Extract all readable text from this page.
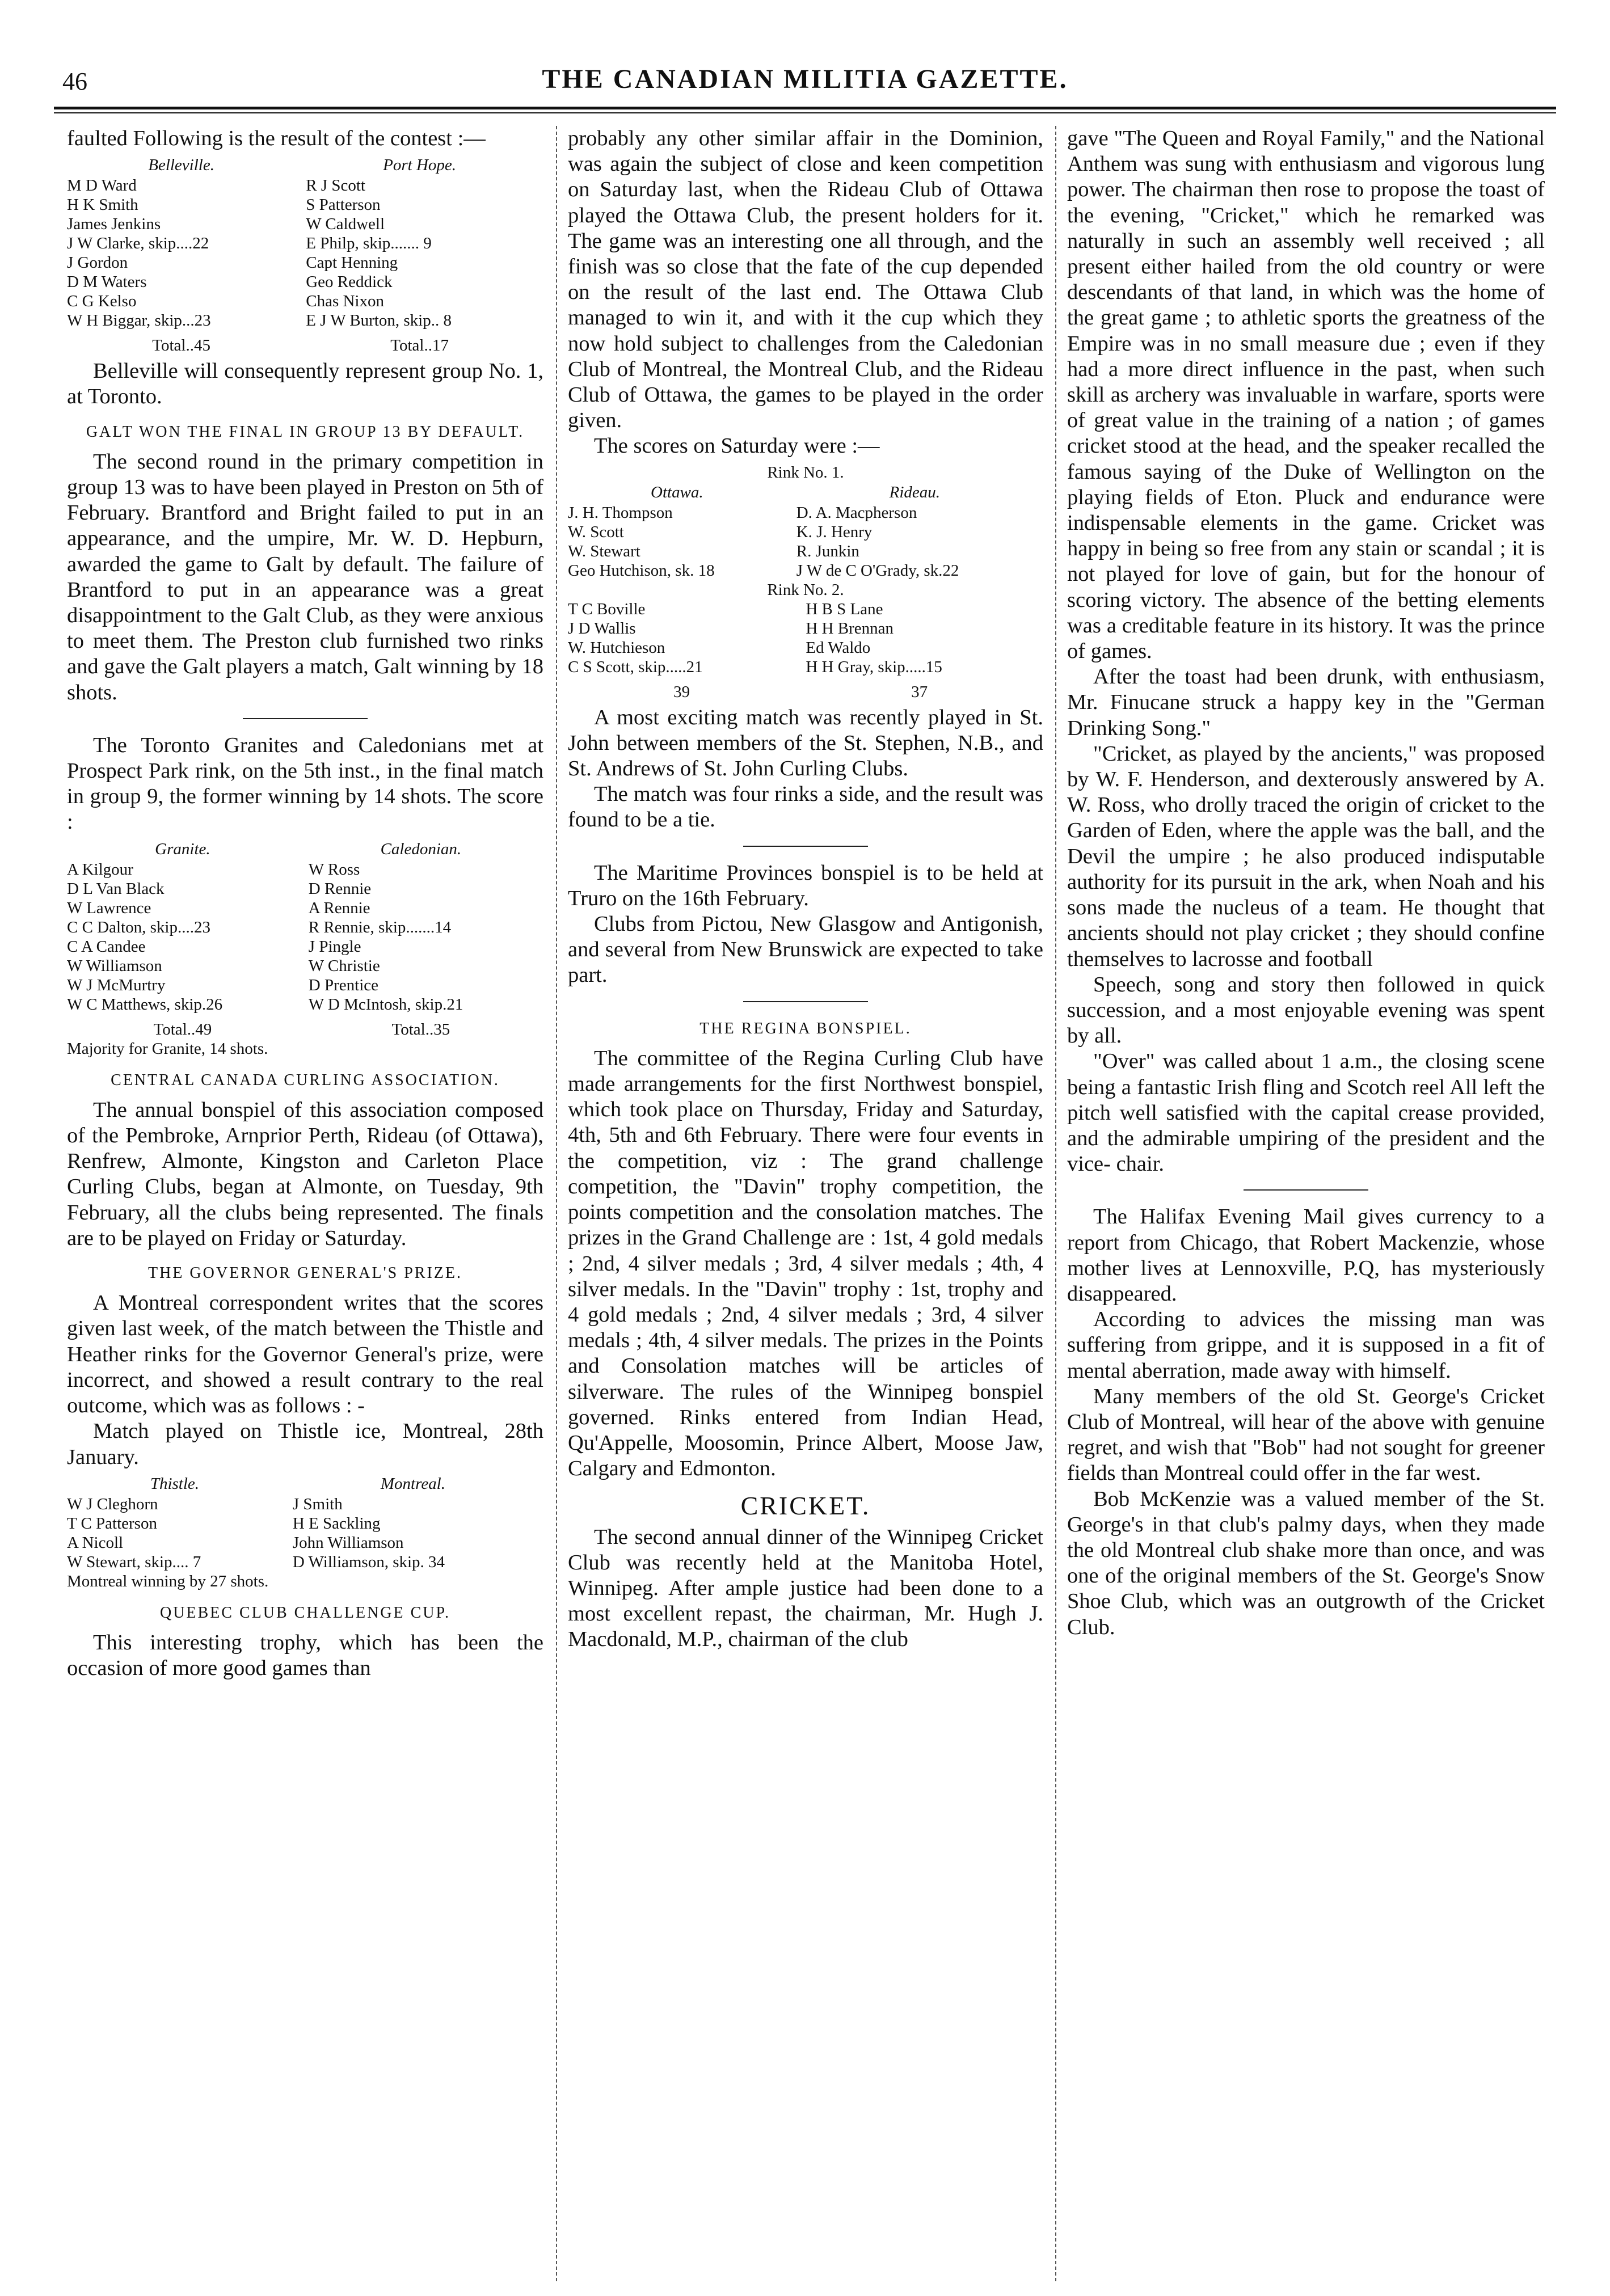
46	THE CANADIAN MILITIA GAZETTE.

faulted Following is the result of the contest :—

Belleville.	Port Hope.
M D Ward	R J Scott
H K Smith	S Patterson
James Jenkins	W Caldwell
J W Clarke, skip....22	E Philp, skip....... 9
J Gordon	Capt Henning
D M Waters	Geo Reddick
C G Kelso	Chas Nixon
W H Biggar, skip...23	E J W Burton, skip.. 8
Total..45	Total..17

Belleville will consequently represent group No. 1, at Toronto.

GALT WON THE FINAL IN GROUP 13 BY DEFAULT.

The second round in the primary competition in group 13 was to have been played in Preston on 5th of February. Brantford and Bright failed to put in an appearance, and the umpire, Mr. W. D. Hepburn, awarded the game to Galt by default. The failure of Brantford to put in an appearance was a great disappointment to the Galt Club, as they were anxious to meet them. The Preston club furnished two rinks and gave the Galt players a match, Galt winning by 18 shots.

The Toronto Granites and Caledonians met at Prospect Park rink, on the 5th inst., in the final match in group 9, the former winning by 14 shots. The score :

Granite.	Caledonian.
A Kilgour	W Ross
D L Van Black	D Rennie
W Lawrence	A Rennie
C C Dalton, skip....23	R Rennie, skip.......14
C A Candee	J Pingle
W Williamson	W Christie
W J McMurtry	D Prentice
W C Matthews, skip.26	W D McIntosh, skip.21
Total..49	Total..35
Majority for Granite, 14 shots.
CENTRAL CANADA CURLING ASSOCIATION.

The annual bonspiel of this association composed of the Pembroke, Arnprior Perth, Rideau (of Ottawa), Renfrew, Almonte, Kingston and Carleton Place Curling Clubs, began at Almonte, on Tuesday, 9th February, all the clubs being represented. The finals are to be played on Friday or Saturday.

THE GOVERNOR GENERAL'S PRIZE.

A Montreal correspondent writes that the scores given last week, of the match between the Thistle and Heather rinks for the Governor General's prize, were incorrect, and showed a result contrary to the real outcome, which was as follows : -

Match played on Thistle ice, Montreal, 28th January.

Thistle.	Montreal.
W J Cleghorn	J Smith
T C Patterson	H E Sackling
A Nicoll	John Williamson
W Stewart, skip.... 7	D Williamson, skip. 34
Montreal winning by 27 shots.
QUEBEC CLUB CHALLENGE CUP.

This interesting trophy, which has been the occasion of more good games than

probably any other similar affair in the Dominion, was again the subject of close and keen competition on Saturday last, when the Rideau Club of Ottawa played the Ottawa Club, the present holders for it. The game was an interesting one all through, and the finish was so close that the fate of the cup depended on the result of the last end. The Ottawa Club managed to win it, and with it the cup which they now hold subject to challenges from the Caledonian Club of Montreal, the Montreal Club, and the Rideau Club of Ottawa, the games to be played in the order given.

The scores on Saturday were :—

Rink No. 1.
Ottawa.	Rideau.
J. H. Thompson	D. A. Macpherson
W. Scott	K. J. Henry
W. Stewart	R. Junkin
Geo Hutchison, sk. 18	J W de C O'Grady, sk.22
Rink No. 2.
T C Boville	H B S Lane
J D Wallis	H H Brennan
W. Hutchieson	Ed Waldo
C S Scott, skip.....21	H H Gray, skip.....15
39	37

A most exciting match was recently played in St. John between members of the St. Stephen, N.B., and St. Andrews of St. John Curling Clubs.

The match was four rinks a side, and the result was found to be a tie.

The Maritime Provinces bonspiel is to be held at Truro on the 16th February.

Clubs from Pictou, New Glasgow and Antigonish, and several from New Brunswick are expected to take part.

THE REGINA BONSPIEL.

The committee of the Regina Curling Club have made arrangements for the first Northwest bonspiel, which took place on Thursday, Friday and Saturday, 4th, 5th and 6th February. There were four events in the competition, viz : The grand challenge competition, the "Davin" trophy competition, the points competition and the consolation matches. The prizes in the Grand Challenge are : 1st, 4 gold medals ; 2nd, 4 silver medals ; 3rd, 4 silver medals ; 4th, 4 silver medals. In the "Davin" trophy : 1st, trophy and 4 gold medals ; 2nd, 4 silver medals ; 3rd, 4 silver medals ; 4th, 4 silver medals. The prizes in the Points and Consolation matches will be articles of silverware. The rules of the Winnipeg bonspiel governed. Rinks entered from Indian Head, Qu'Appelle, Moosomin, Prince Albert, Moose Jaw, Calgary and Edmonton.

CRICKET.

The second annual dinner of the Winnipeg Cricket Club was recently held at the Manitoba Hotel, Winnipeg. After ample justice had been done to a most excellent repast, the chairman, Mr. Hugh J. Macdonald, M.P., chairman of the club

gave "The Queen and Royal Family," and the National Anthem was sung with enthusiasm and vigorous lung power. The chairman then rose to propose the toast of the evening, "Cricket," which he remarked was naturally in such an assembly well received ; all present either hailed from the old country or were descendants of that land, in which was the home of the great game ; to athletic sports the greatness of the Empire was in no small measure due ; even if they had a more direct influence in the past, when such skill as archery was invaluable in warfare, sports were of great value in the training of a nation ; of games cricket stood at the head, and the speaker recalled the famous saying of the Duke of Wellington on the playing fields of Eton. Pluck and endurance were indispensable elements in the game. Cricket was happy in being so free from any stain or scandal ; it is not played for love of gain, but for the honour of scoring victory. The absence of the betting elements was a creditable feature in its history. It was the prince of games.

After the toast had been drunk, with enthusiasm, Mr. Finucane struck a happy key in the "German Drinking Song."

"Cricket, as played by the ancients," was proposed by W. F. Henderson, and dexterously answered by A. W. Ross, who drolly traced the origin of cricket to the Garden of Eden, where the apple was the ball, and the Devil the umpire ; he also produced indisputable authority for its pursuit in the ark, when Noah and his sons made the nucleus of a team. He thought that ancients should not play cricket ; they should confine themselves to lacrosse and football

Speech, song and story then followed in quick succession, and a most enjoyable evening was spent by all.

"Over" was called about 1 a.m., the closing scene being a fantastic Irish fling and Scotch reel All left the pitch well satisfied with the capital crease provided, and the admirable umpiring of the president and the vice- chair.

The Halifax Evening Mail gives currency to a report from Chicago, that Robert Mackenzie, whose mother lives at Lennoxville, P.Q, has mysteriously disappeared.

According to advices the missing man was suffering from grippe, and it is supposed in a fit of mental aberration, made away with himself.

Many members of the old St. George's Cricket Club of Montreal, will hear of the above with genuine regret, and wish that "Bob" had not sought for greener fields than Montreal could offer in the far west.

Bob McKenzie was a valued member of the St. George's in that club's palmy days, when they made the old Montreal club shake more than once, and was one of the original members of the St. George's Snow Shoe Club, which was an outgrowth of the Cricket Club.
